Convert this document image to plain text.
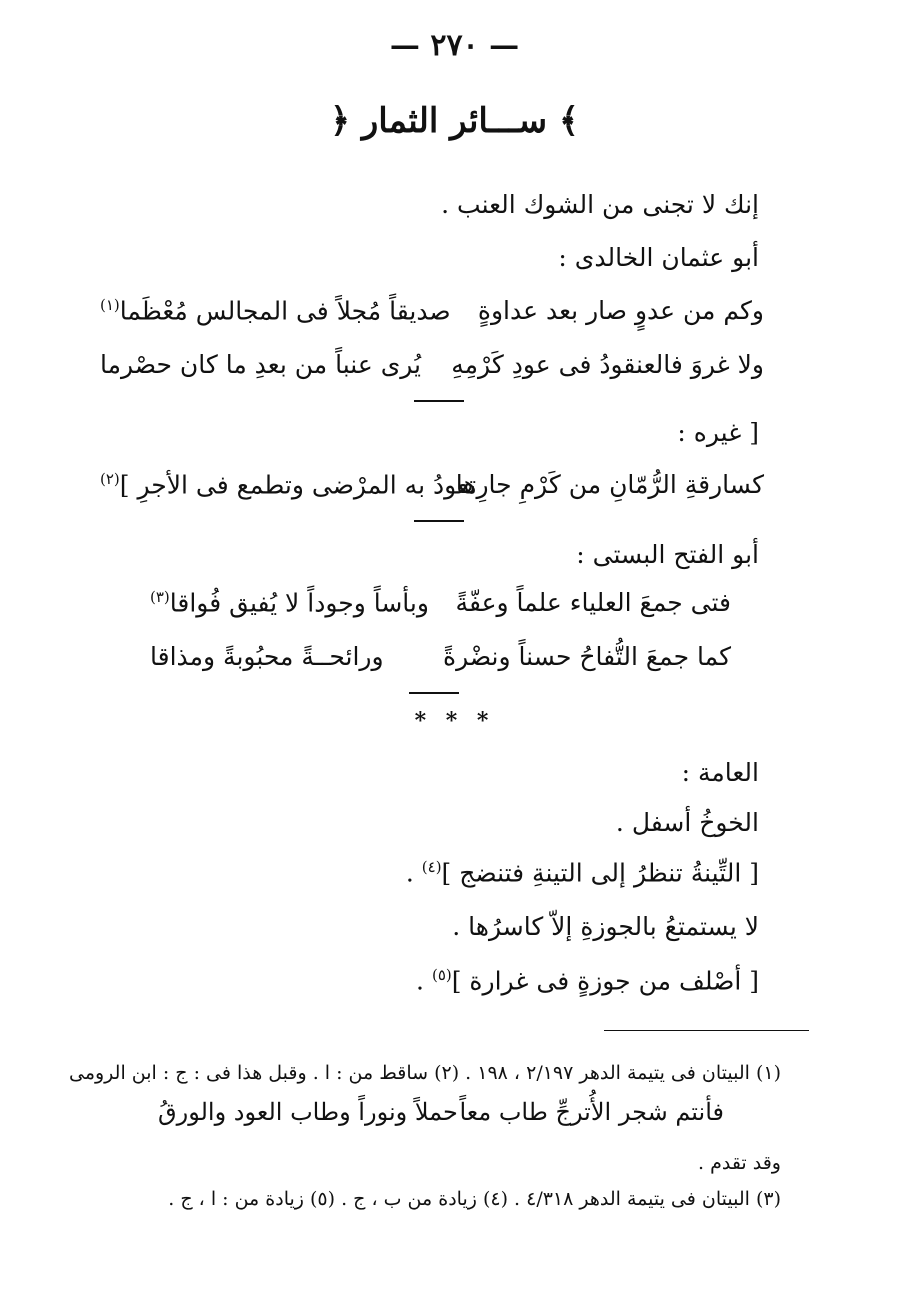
— ٢٧٠ —
﴿ ســـائر الثمار ﴾
إنك لا تجنى من الشوك العنب .
أبو عثمان الخالدى :
وكم من عدوٍ صار بعد عداوةٍ
صديقاً مُجلاً فى المجالس مُعْظَما$^{(١)}$
ولا غروَ فالعنقودُ فى عودِ كَرْمِهِ
يُرى عنباً من بعدِ ما كان حصْرما
[ غيره :
كسارقةِ الرُّمّانِ من كَرْمِ جارِها
تعودُ به المرْضى وتطمع فى الأجرِ ]$^{(٢)}$
أبو الفتح البستى :
فتى جمعَ العلياء علماً وعفّةً
وبأساً وجوداً لا يُفيق فُواقا$^{(٣)}$
كما جمعَ التُّفاحُ حسناً ونضْرةً
ورائحــةً محبُوبةً ومذاقا
* * *
العامة :
الخوخُ أسفل .
[ التِّينةُ تنظرُ إلى التينةِ فتنضج ]$^{(٤)}$ .
لا يستمتعُ بالجوزةِ إلاّ كاسرُها .
[ أصْلف من جوزةٍ فى غرارة ]$^{(٥)}$ .
(١) البيتان فى يتيمة الدهر ٢/١٩٧ ، ١٩٨ . (٢) ساقط من : ا . وقبل هذا فى : ج : ابن الرومى
فأنتم شجر الأُترجِّ طاب معاً
حملاً ونوراً وطاب العود والورقُ
وقد تقدم .
(٣) البيتان فى يتيمة الدهر ٤/٣١٨ . (٤) زيادة من ب ، ج . (٥) زيادة من : ا ، ج .
